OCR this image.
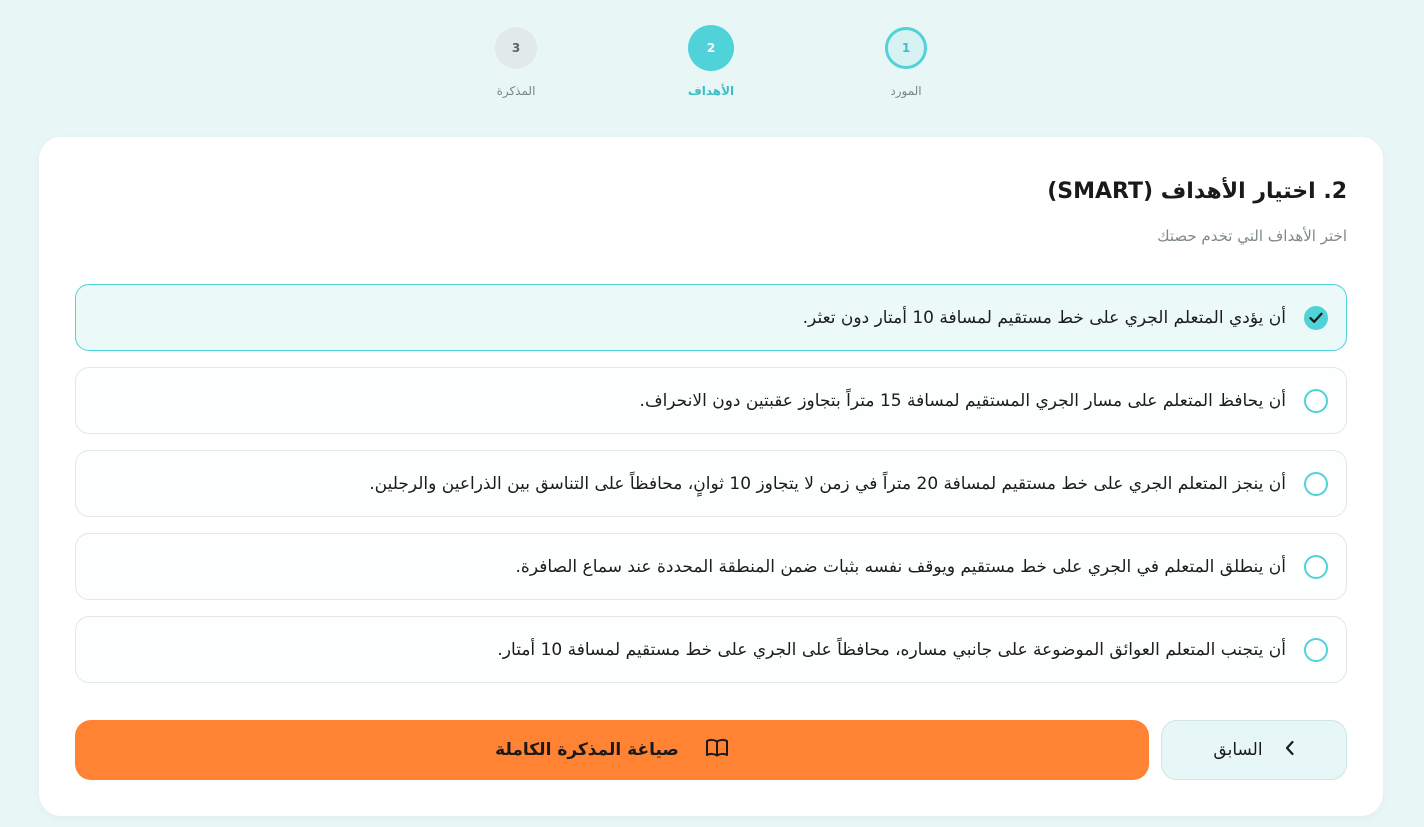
1
المورد
2
الأهداف
3
المذكرة
2. اختيار الأهداف (SMART)
اختر الأهداف التي تخدم حصتك
أن يؤدي المتعلم الجري على خط مستقيم لمسافة 10 أمتار دون تعثر.
أن يحافظ المتعلم على مسار الجري المستقيم لمسافة 15 متراً بتجاوز عقبتين دون الانحراف.
أن ينجز المتعلم الجري على خط مستقيم لمسافة 20 متراً في زمن لا يتجاوز 10 ثوانٍ، محافظاً على التناسق بين الذراعين والرجلين.
أن ينطلق المتعلم في الجري على خط مستقيم ويوقف نفسه بثبات ضمن المنطقة المحددة عند سماع الصافرة.
أن يتجنب المتعلم العوائق الموضوعة على جانبي مساره، محافظاً على الجري على خط مستقيم لمسافة 10 أمتار.
صياغة المذكرة الكاملة	السابق
